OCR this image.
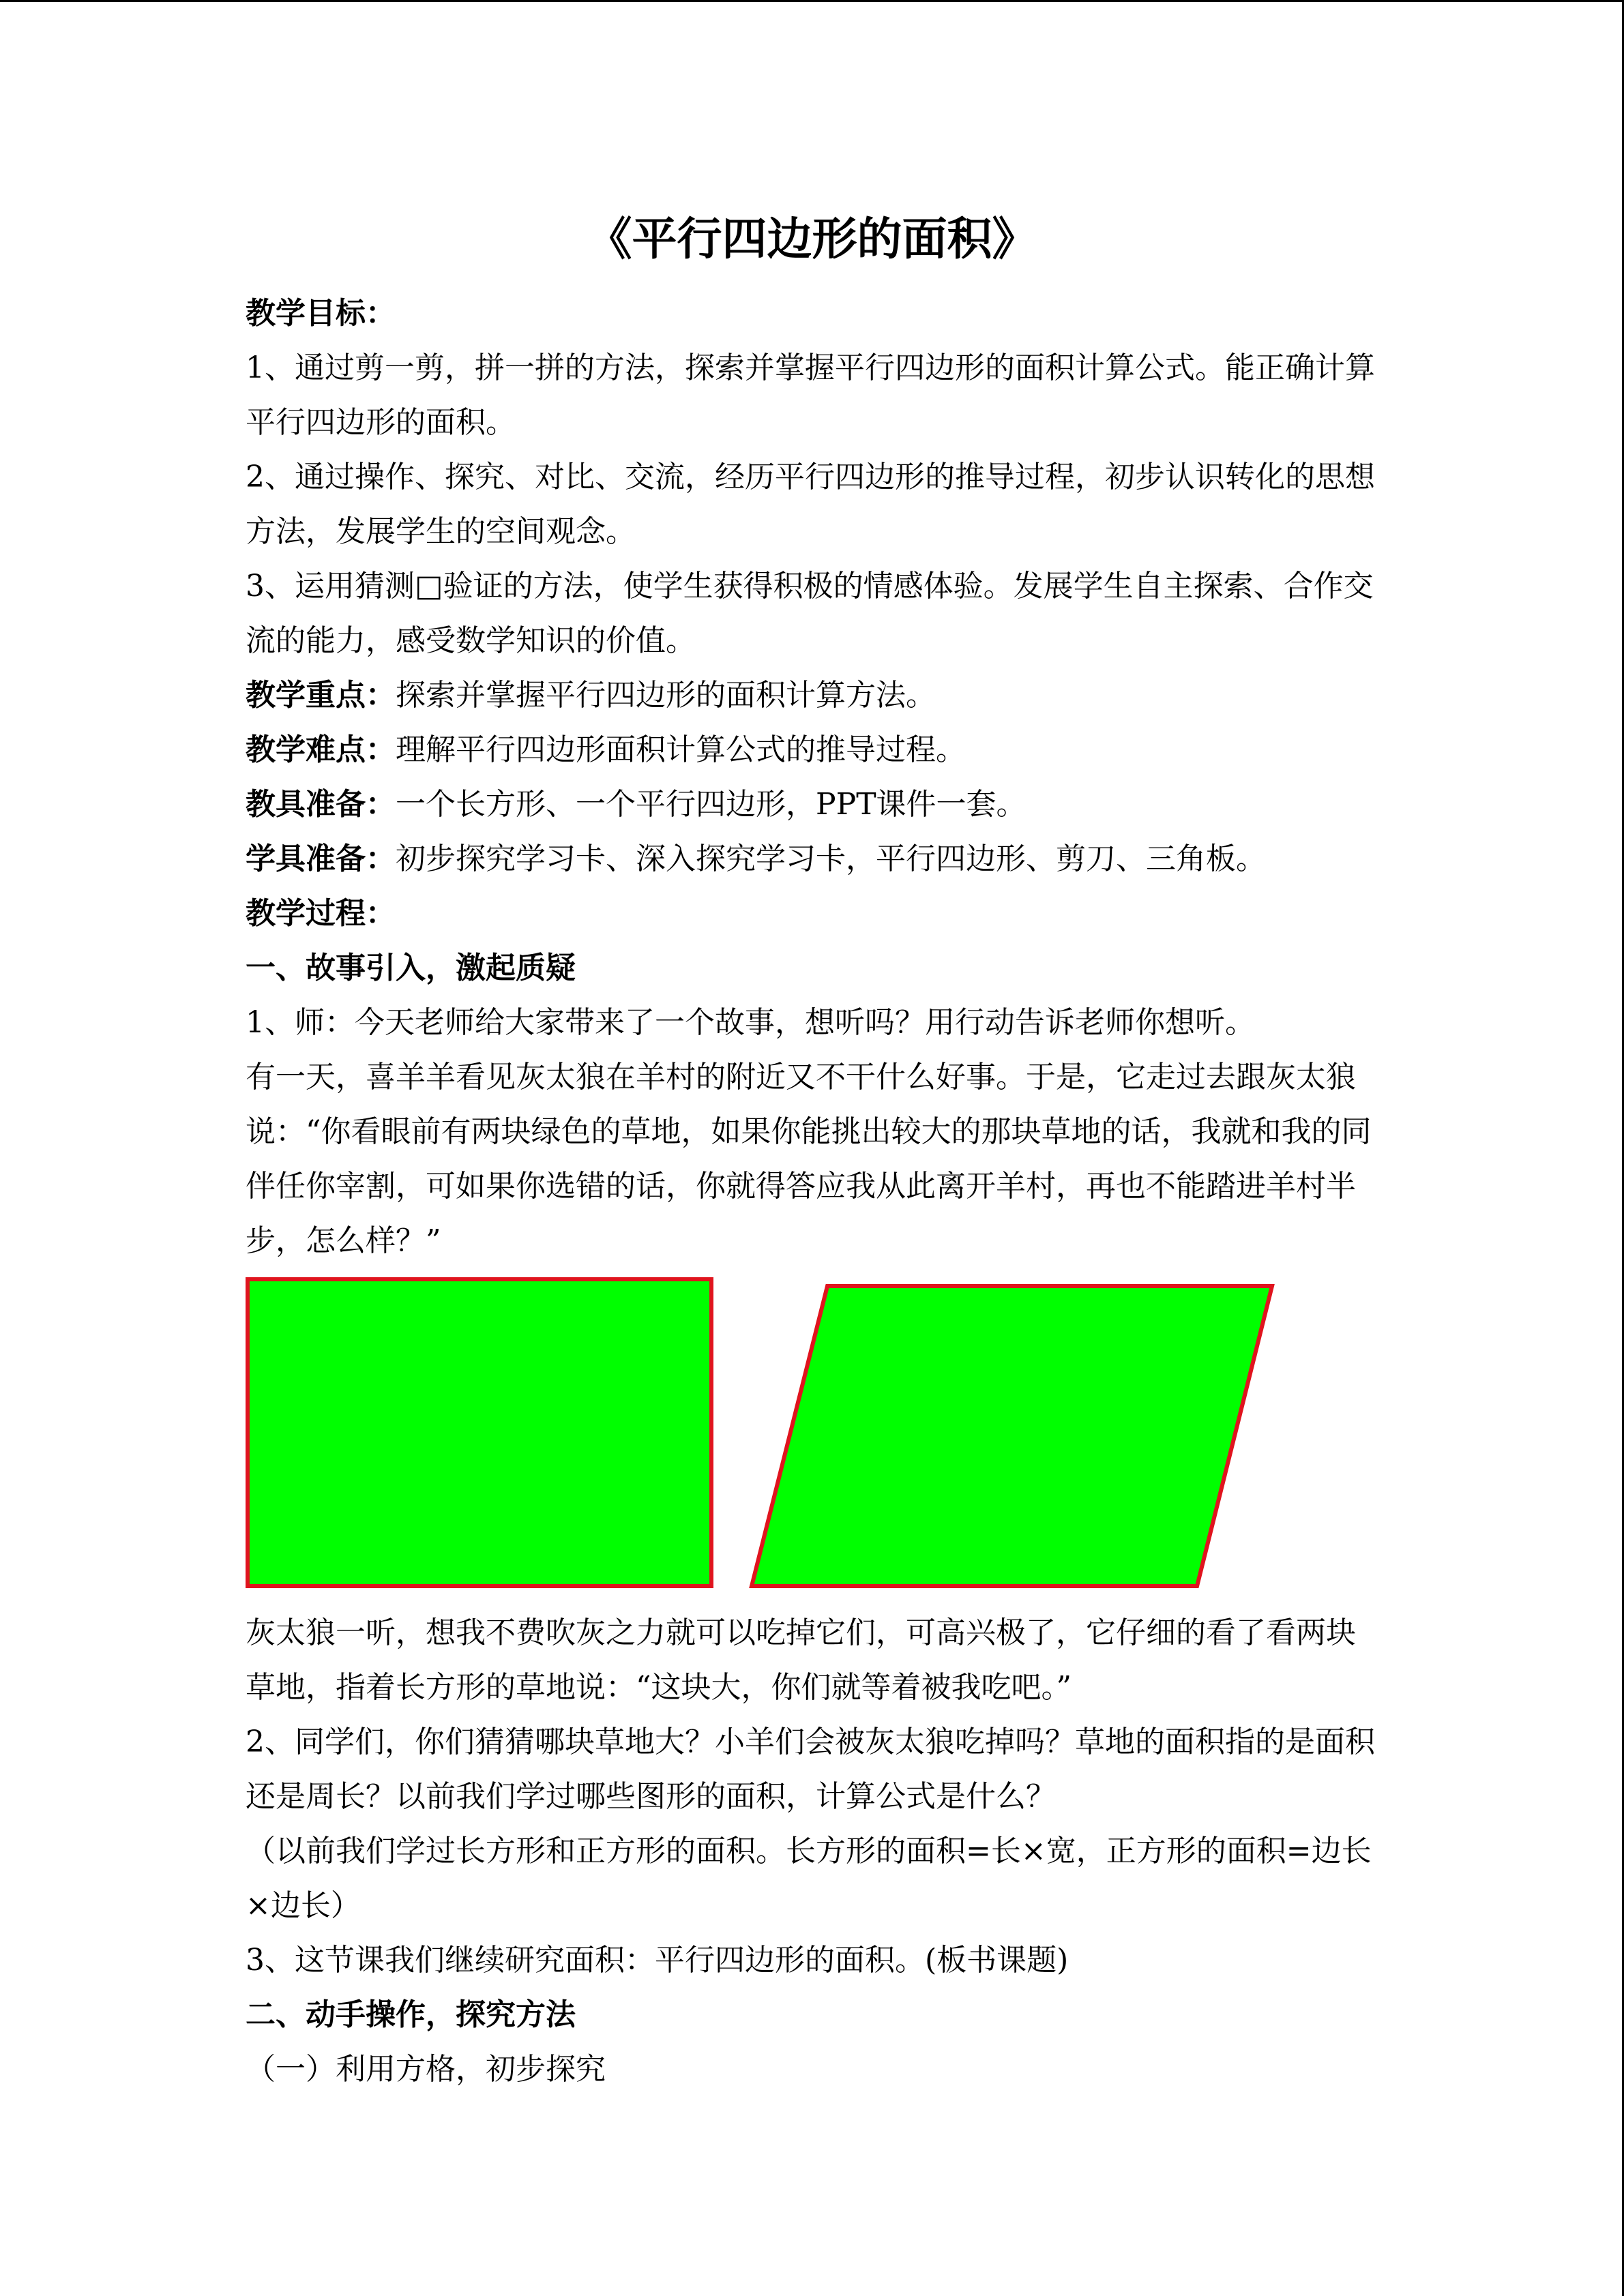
《平行四边形的面积》

教学目标：

1、通过剪一剪，拼一拼的方法，探索并掌握平行四边形的面积计算公式。能正确计算平行四边形的面积。

2、通过操作、探究、对比、交流，经历平行四边形的推导过程，初步认识转化的思想方法，发展学生的空间观念。

3、运用猜测□验证的方法，使学生获得积极的情感体验。发展学生自主探索、合作交流的能力，感受数学知识的价值。

教学重点：探索并掌握平行四边形的面积计算方法。

教学难点：理解平行四边形面积计算公式的推导过程。

教具准备：一个长方形、一个平行四边形，PPT课件一套。

学具准备：初步探究学习卡、深入探究学习卡，平行四边形、剪刀、三角板。

教学过程：

一、故事引入，激起质疑

1、师：今天老师给大家带来了一个故事，想听吗？用行动告诉老师你想听。

有一天，喜羊羊看见灰太狼在羊村的附近又不干什么好事。于是，它走过去跟灰太狼说：“你看眼前有两块绿色的草地，如果你能挑出较大的那块草地的话，我就和我的同伴任你宰割，可如果你选错的话，你就得答应我从此离开羊村，再也不能踏进羊村半步，怎么样？”

灰太狼一听，想我不费吹灰之力就可以吃掉它们，可高兴极了，它仔细的看了看两块草地，指着长方形的草地说：“这块大，你们就等着被我吃吧。”

2、同学们，你们猜猜哪块草地大？小羊们会被灰太狼吃掉吗？草地的面积指的是面积还是周长？以前我们学过哪些图形的面积，计算公式是什么？

（以前我们学过长方形和正方形的面积。长方形的面积=长×宽，正方形的面积=边长×边长）

3、这节课我们继续研究面积：平行四边形的面积。(板书课题)

二、动手操作，探究方法

（一）利用方格，初步探究
